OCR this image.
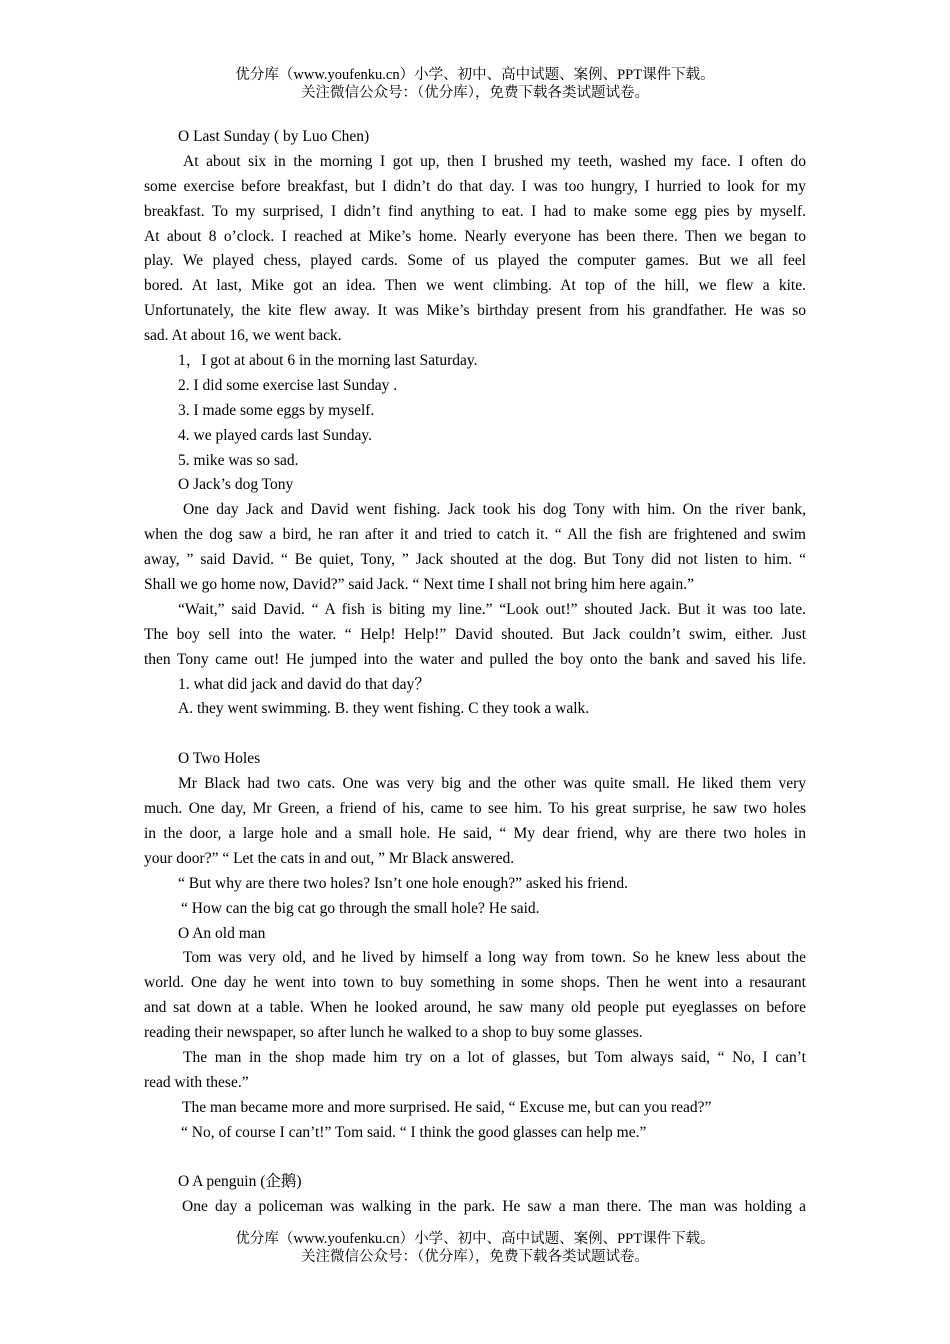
优分库（www.youfenku.cn）小学、初中、高中试题、案例、PPT课件下载。
关注微信公众号：（优分库），免费下载各类试题试卷。
O Last Sunday ( by Luo Chen)
At about six in the morning I got up, then I brushed my teeth, washed my face. I often do
some exercise before breakfast, but I didn’t do that day. I was too hungry, I hurried to look for my
breakfast. To my surprised, I didn’t find anything to eat. I had to make some egg pies by myself.
At about 8 o’clock. I reached at Mike’s home. Nearly everyone has been there. Then we began to
play. We played chess, played cards. Some of us played the computer games. But we all feel
bored. At last, Mike got an idea. Then we went climbing. At top of the hill, we flew a kite.
Unfortunately, the kite flew away. It was Mike’s birthday present from his grandfather. He was so
sad. At about 16, we went back.
1，I got at about 6 in the morning last Saturday.
2. I did some exercise last Sunday .
3. I made some eggs by myself.
4. we played cards last Sunday.
5. mike was so sad.
O Jack’s dog Tony
One day Jack and David went fishing. Jack took his dog Tony with him. On the river bank,
when the dog saw a bird, he ran after it and tried to catch it. “ All the fish are frightened and swim
away, ” said David. “ Be quiet, Tony, ” Jack shouted at the dog. But Tony did not listen to him. “
Shall we go home now, David?” said Jack. “ Next time I shall not bring him here again.”
“Wait,” said David. “ A fish is biting my line.” “Look out!” shouted Jack. But it was too late.
The boy sell into the water. “ Help! Help!” David shouted. But Jack couldn’t swim, either. Just
then Tony came out! He jumped into the water and pulled the boy onto the bank and saved his life.
1. what did jack and david do that day？
A. they went swimming. B. they went fishing. C they took a walk.
O Two Holes
Mr Black had two cats. One was very big and the other was quite small. He liked them very
much. One day, Mr Green, a friend of his, came to see him. To his great surprise, he saw two holes
in the door, a large hole and a small hole. He said, “ My dear friend, why are there two holes in
your door?” “ Let the cats in and out, ” Mr Black answered.
“ But why are there two holes? Isn’t one hole enough?” asked his friend.
“ How can the big cat go through the small hole? He said.
O An old man
Tom was very old, and he lived by himself a long way from town. So he knew less about the
world. One day he went into town to buy something in some shops. Then he went into a resaurant
and sat down at a table. When he looked around, he saw many old people put eyeglasses on before
reading their newspaper, so after lunch he walked to a shop to buy some glasses.
The man in the shop made him try on a lot of glasses, but Tom always said, “ No, I can’t
read with these.”
The man became more and more surprised. He said, “ Excuse me, but can you read?”
“ No, of course I can’t!” Tom said. “ I think the good glasses can help me.”
O A penguin (企鹅)
One day a policeman was walking in the park. He saw a man there. The man was holding a
优分库（www.youfenku.cn）小学、初中、高中试题、案例、PPT课件下载。
关注微信公众号：（优分库），免费下载各类试题试卷。
